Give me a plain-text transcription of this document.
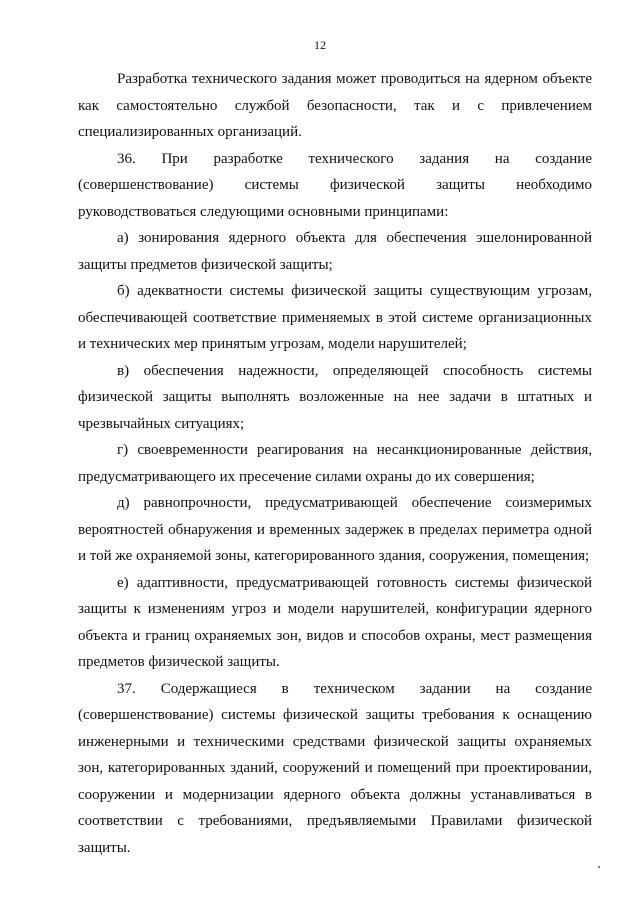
12

Разработка технического задания может проводиться на ядерном объекте как самостоятельно службой безопасности, так и с привлечением специализированных организаций.

36. При разработке технического задания на создание (совершенствование) системы физической защиты необходимо руководствоваться следующими основными принципами:

а) зонирования ядерного объекта для обеспечения эшелонированной защиты предметов физической защиты;

б) адекватности системы физической защиты существующим угрозам, обеспечивающей соответствие применяемых в этой системе организационных и технических мер принятым угрозам, модели нарушителей;

в) обеспечения надежности, определяющей способность системы физической защиты выполнять возложенные на нее задачи в штатных и чрезвычайных ситуациях;

г) своевременности реагирования на несанкционированные действия, предусматривающего их пресечение силами охраны до их совершения;

д) равнопрочности, предусматривающей обеспечение соизмеримых вероятностей обнаружения и временных задержек в пределах периметра одной и той же охраняемой зоны, категорированного здания, сооружения, помещения;

е) адаптивности, предусматривающей готовность системы физической защиты к изменениям угроз и модели нарушителей, конфигурации ядерного объекта и границ охраняемых зон, видов и способов охраны, мест размещения предметов физической защиты.

37. Содержащиеся в техническом задании на создание (совершенствование) системы физической защиты требования к оснащению инженерными и техническими средствами физической защиты охраняемых зон, категорированных зданий, сооружений и помещений при проектировании, сооружении и модернизации ядерного объекта должны устанавливаться в соответствии с требованиями, предъявляемыми Правилами физической защиты.
